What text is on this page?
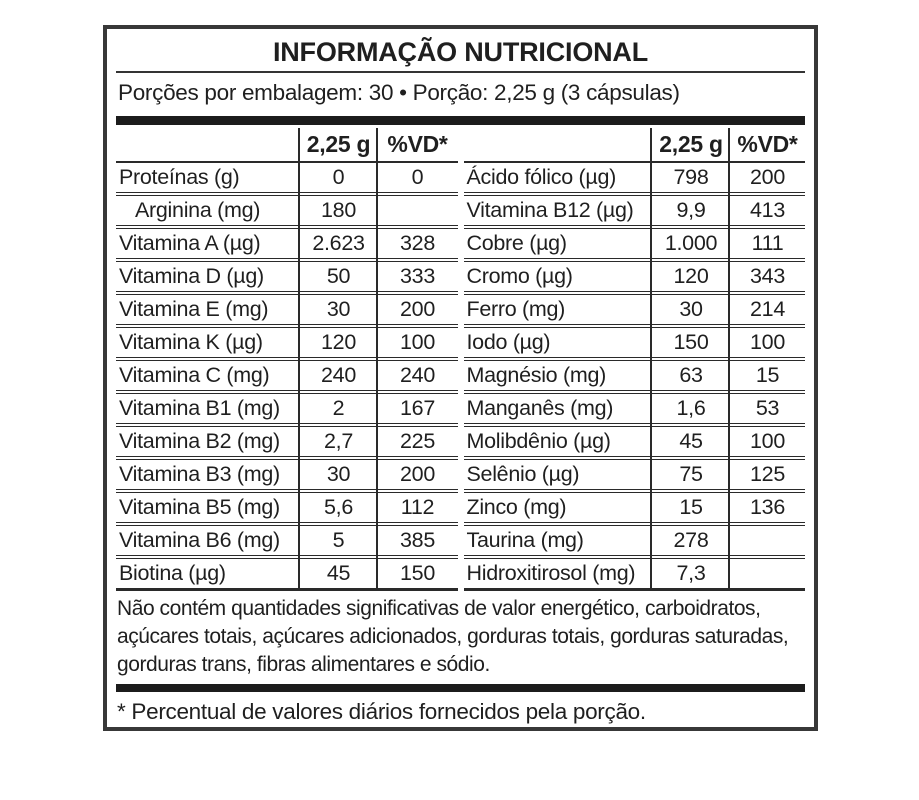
INFORMAÇÃO NUTRICIONAL
Porções por embalagem: 30 • Porção: 2,25 g (3 cápsulas)
2,25 g %VD*
Proteínas (g)	0	0
Arginina (mg)	180
Vitamina A (µg)	2.623	328
Vitamina D (µg)	50	333
Vitamina E (mg)	30	200
Vitamina K (µg)	120	100
Vitamina C (mg)	240	240
Vitamina B1 (mg)	2	167
Vitamina B2 (mg)	2,7	225
Vitamina B3 (mg)	30	200
Vitamina B5 (mg)	5,6	112
Vitamina B6 (mg)	5	385
Biotina (µg)	45	150
2,25 g %VD*
Ácido fólico (µg)	798	200
Vitamina B12 (µg)	9,9	413
Cobre (µg)	1.000	111
Cromo (µg)	120	343
Ferro (mg)	30	214
Iodo (µg)	150	100
Magnésio (mg)	63	15
Manganês (mg)	1,6	53
Molibdênio (µg)	45	100
Selênio (µg)	75	125
Zinco (mg)	15	136
Taurina (mg)	278
Hidroxitirosol (mg)	7,3
Não contém quantidades significativas de valor energético, carboidratos, açúcares totais, açúcares adicionados, gorduras totais, gorduras saturadas, gorduras trans, fibras alimentares e sódio.
* Percentual de valores diários fornecidos pela porção.
